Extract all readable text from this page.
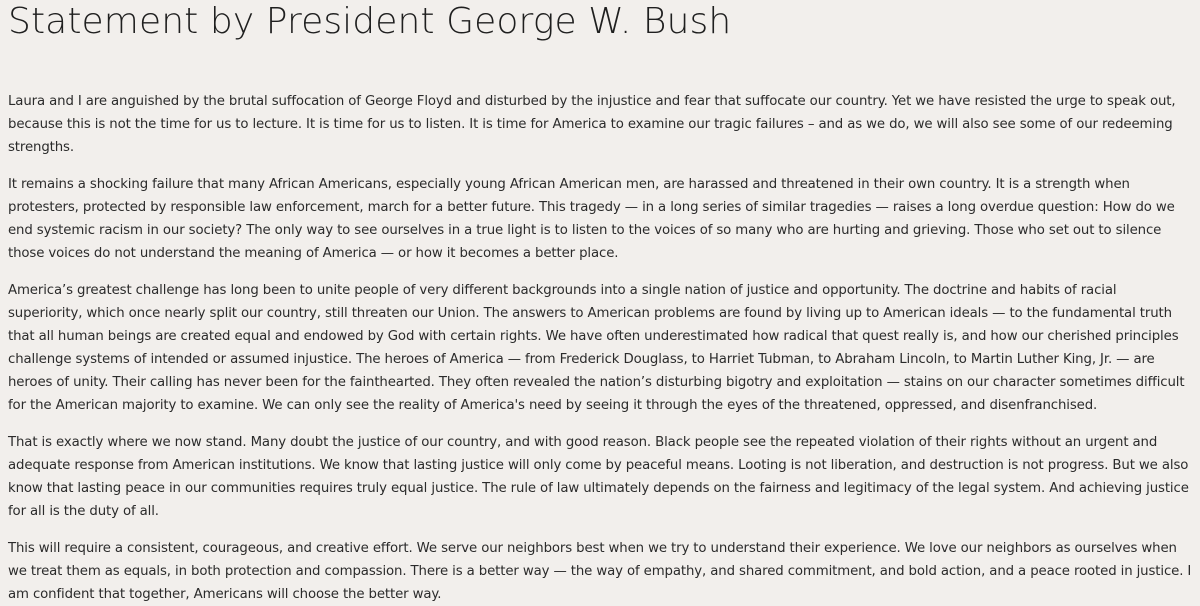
Statement by President George W. Bush

Laura and I are anguished by the brutal suffocation of George Floyd and disturbed by the injustice and fear that suffocate our country. Yet we have resisted the urge to speak out, because this is not the time for us to lecture. It is time for us to listen. It is time for America to examine our tragic failures – and as we do, we will also see some of our redeeming strengths.

It remains a shocking failure that many African Americans, especially young African American men, are harassed and threatened in their own country. It is a strength when protesters, protected by responsible law enforcement, march for a better future. This tragedy — in a long series of similar tragedies — raises a long overdue question: How do we end systemic racism in our society? The only way to see ourselves in a true light is to listen to the voices of so many who are hurting and grieving. Those who set out to silence those voices do not understand the meaning of America — or how it becomes a better place.

America’s greatest challenge has long been to unite people of very different backgrounds into a single nation of justice and opportunity. The doctrine and habits of racial superiority, which once nearly split our country, still threaten our Union. The answers to American problems are found by living up to American ideals — to the fundamental truth that all human beings are created equal and endowed by God with certain rights. We have often underestimated how radical that quest really is, and how our cherished principles challenge systems of intended or assumed injustice. The heroes of America — from Frederick Douglass, to Harriet Tubman, to Abraham Lincoln, to Martin Luther King, Jr. — are heroes of unity. Their calling has never been for the fainthearted. They often revealed the nation’s disturbing bigotry and exploitation — stains on our character sometimes difficult for the American majority to examine. We can only see the reality of America's need by seeing it through the eyes of the threatened, oppressed, and disenfranchised.

That is exactly where we now stand. Many doubt the justice of our country, and with good reason. Black people see the repeated violation of their rights without an urgent and adequate response from American institutions. We know that lasting justice will only come by peaceful means. Looting is not liberation, and destruction is not progress. But we also know that lasting peace in our communities requires truly equal justice. The rule of law ultimately depends on the fairness and legitimacy of the legal system. And achieving justice for all is the duty of all.

This will require a consistent, courageous, and creative effort. We serve our neighbors best when we try to understand their experience. We love our neighbors as ourselves when we treat them as equals, in both protection and compassion. There is a better way — the way of empathy, and shared commitment, and bold action, and a peace rooted in justice. I am confident that together, Americans will choose the better way.
